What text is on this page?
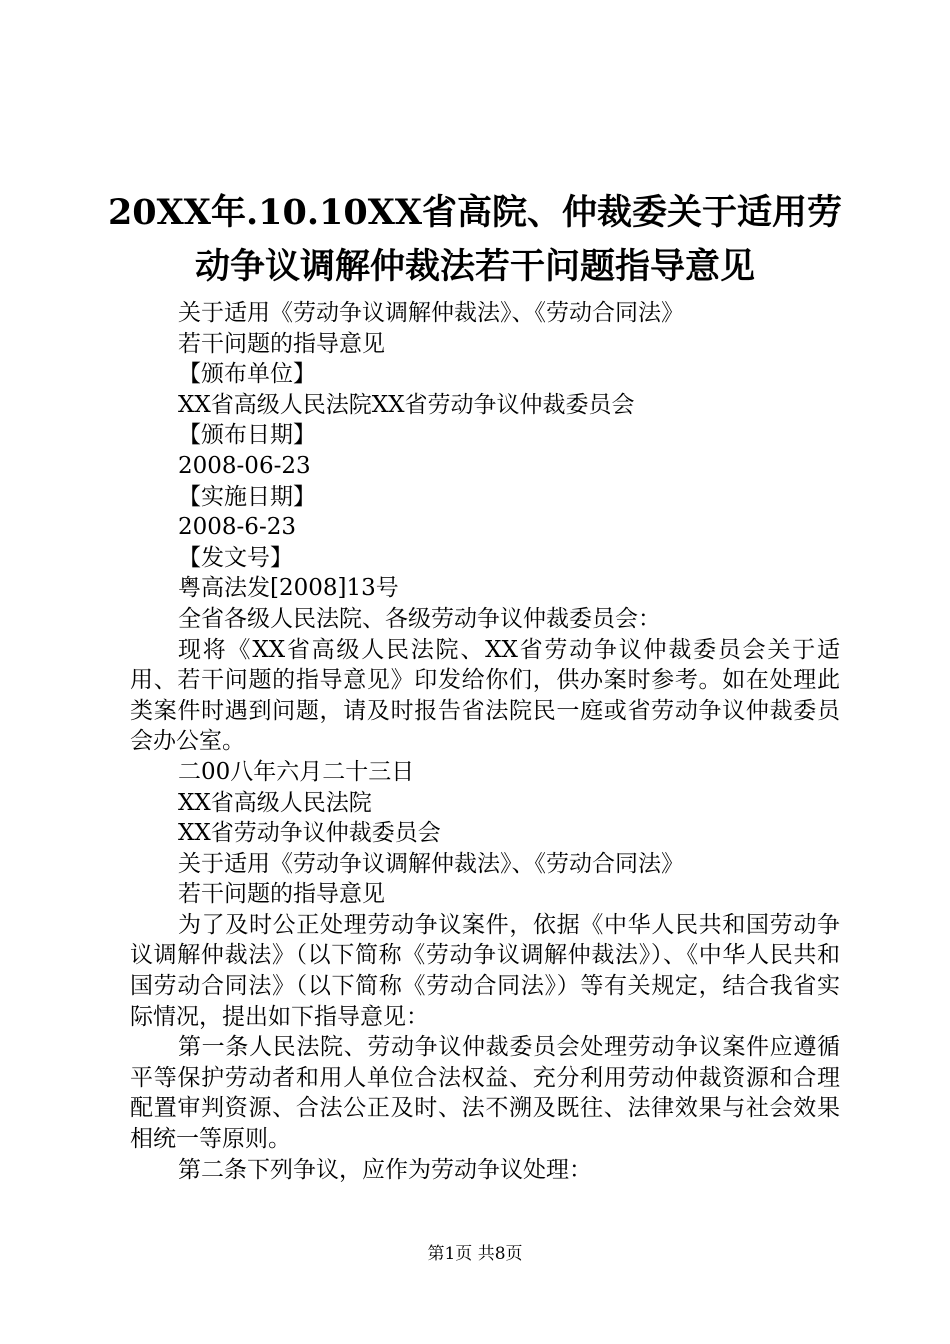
20XX年.10.10XX省高院、仲裁委关于适用劳
动争议调解仲裁法若干问题指导意见
关于适用《劳动争议调解仲裁法》、《劳动合同法》
若干问题的指导意见
【颁布单位】
XX省高级人民法院XX省劳动争议仲裁委员会
【颁布日期】
2008-06-23
【实施日期】
2008-6-23
【发文号】
粤高法发[2008]13号
全省各级人民法院、各级劳动争议仲裁委员会：
现将《XX省高级人民法院、XX省劳动争议仲裁委员会关于适用、若干问题的指导意见》印发给你们，供办案时参考。如在处理此类案件时遇到问题，请及时报告省法院民一庭或省劳动争议仲裁委员会办公室。
二00八年六月二十三日
XX省高级人民法院
XX省劳动争议仲裁委员会
关于适用《劳动争议调解仲裁法》、《劳动合同法》
若干问题的指导意见
为了及时公正处理劳动争议案件，依据《中华人民共和国劳动争议调解仲裁法》（以下简称《劳动争议调解仲裁法》）、《中华人民共和国劳动合同法》（以下简称《劳动合同法》）等有关规定，结合我省实际情况，提出如下指导意见：
第一条人民法院、劳动争议仲裁委员会处理劳动争议案件应遵循平等保护劳动者和用人单位合法权益、充分利用劳动仲裁资源和合理配置审判资源、合法公正及时、法不溯及既往、法律效果与社会效果相统一等原则。
第二条下列争议，应作为劳动争议处理：
第1页 共8页
